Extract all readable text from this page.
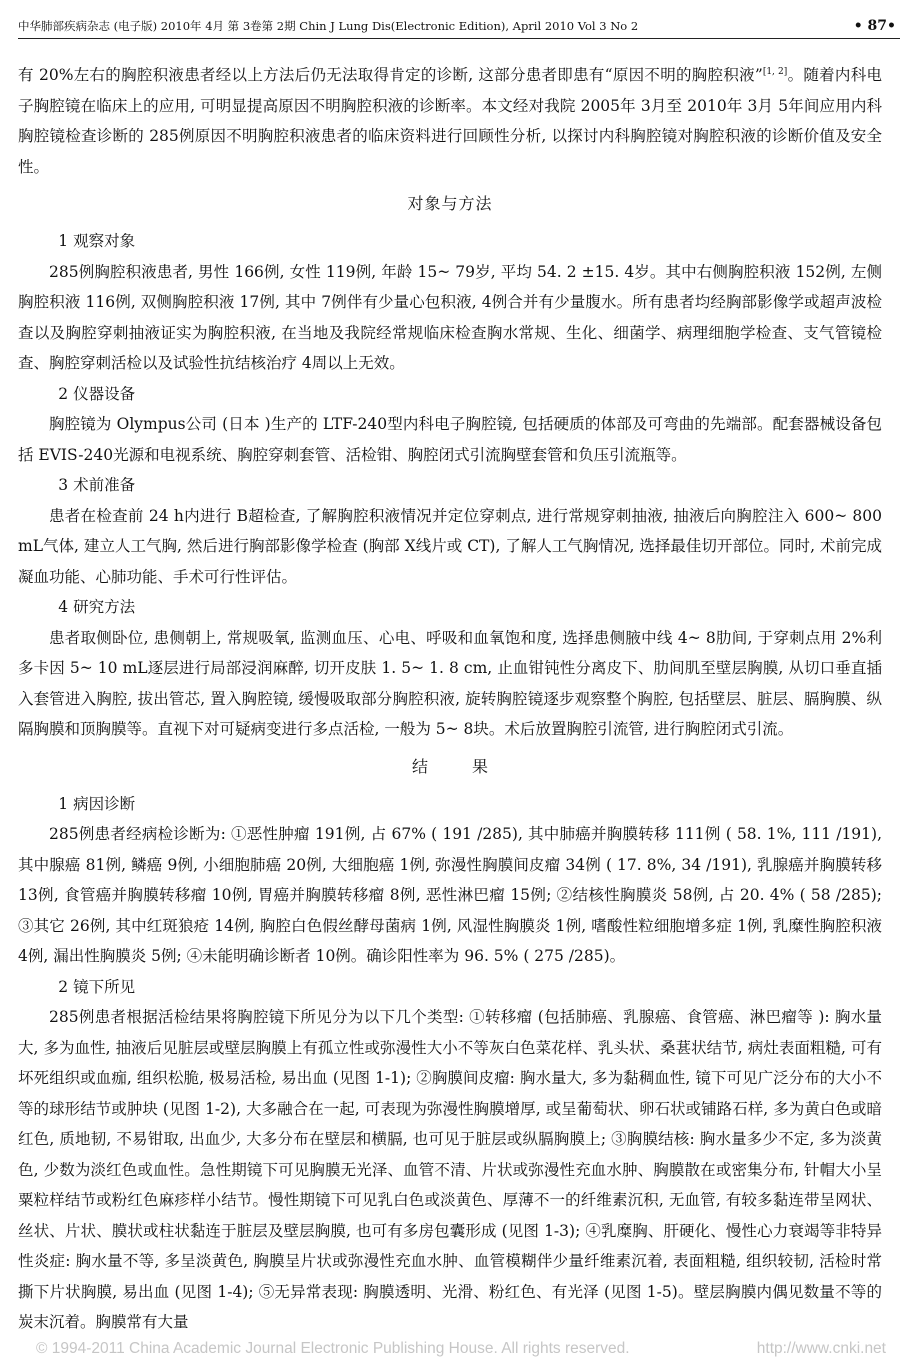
中华肺部疾病杂志 (电子版) 2010年 4月 第 3卷第 2期 Chin J Lung Dis(Electronic Edition), April 2010 Vol 3 No 2	• 87•

有 20%左右的胸腔积液患者经以上方法后仍无法取得肯定的诊断, 这部分患者即患有“原因不明的胸腔积液”[1, 2]。随着内科电子胸腔镜在临床上的应用, 可明显提高原因不明胸腔积液的诊断率。本文经对我院 2005年 3月至 2010年 3月 5年间应用内科胸腔镜检查诊断的 285例原因不明胸腔积液患者的临床资料进行回顾性分析, 以探讨内科胸腔镜对胸腔积液的诊断价值及安全性。

对象与方法

1 观察对象

285例胸腔积液患者, 男性 166例, 女性 119例, 年龄 15~ 79岁, 平均 54. 2 ±15. 4岁。其中右侧胸腔积液 152例, 左侧胸腔积液 116例, 双侧胸腔积液 17例, 其中 7例伴有少量心包积液, 4例合并有少量腹水。所有患者均经胸部影像学或超声波检查以及胸腔穿刺抽液证实为胸腔积液, 在当地及我院经常规临床检查胸水常规、生化、细菌学、病理细胞学检查、支气管镜检查、胸腔穿刺活检以及试验性抗结核治疗 4周以上无效。

2 仪器设备

胸腔镜为 Olympus公司 (日本 )生产的 LTF-240型内科电子胸腔镜, 包括硬质的体部及可弯曲的先端部。配套器械设备包括 EVIS-240光源和电视系统、胸腔穿刺套管、活检钳、胸腔闭式引流胸壁套管和负压引流瓶等。

3 术前准备

患者在检查前 24 h内进行 B超检查, 了解胸腔积液情况并定位穿刺点, 进行常规穿刺抽液, 抽液后向胸腔注入 600~ 800 mL气体, 建立人工气胸, 然后进行胸部影像学检查 (胸部 X线片或 CT), 了解人工气胸情况, 选择最佳切开部位。同时, 术前完成凝血功能、心肺功能、手术可行性评估。

4 研究方法

患者取侧卧位, 患侧朝上, 常规吸氧, 监测血压、心电、呼吸和血氧饱和度, 选择患侧腋中线 4~ 8肋间, 于穿刺点用 2%利多卡因 5~ 10 mL逐层进行局部浸润麻醉, 切开皮肤 1. 5~ 1. 8 cm, 止血钳钝性分离皮下、肋间肌至壁层胸膜, 从切口垂直插入套管进入胸腔, 拔出管芯, 置入胸腔镜, 缓慢吸取部分胸腔积液, 旋转胸腔镜逐步观察整个胸腔, 包括壁层、脏层、膈胸膜、纵隔胸膜和顶胸膜等。直视下对可疑病变进行多点活检, 一般为 5~ 8块。术后放置胸腔引流管, 进行胸腔闭式引流。

结果

1 病因诊断

285例患者经病检诊断为: ①恶性肿瘤 191例, 占 67% ( 191 /285), 其中肺癌并胸膜转移 111例 ( 58. 1%, 111 /191), 其中腺癌 81例, 鳞癌 9例, 小细胞肺癌 20例, 大细胞癌 1例, 弥漫性胸膜间皮瘤 34例 ( 17. 8%, 34 /191), 乳腺癌并胸膜转移 13例, 食管癌并胸膜转移瘤 10例, 胃癌并胸膜转移瘤 8例, 恶性淋巴瘤 15例; ②结核性胸膜炎 58例, 占 20. 4% ( 58 /285); ③其它 26例, 其中红斑狼疮 14例, 胸腔白色假丝酵母菌病 1例, 风湿性胸膜炎 1例, 嗜酸性粒细胞增多症 1例, 乳糜性胸腔积液 4例, 漏出性胸膜炎 5例; ④未能明确诊断者 10例。确诊阳性率为 96. 5% ( 275 /285)。

2 镜下所见

285例患者根据活检结果将胸腔镜下所见分为以下几个类型: ①转移瘤 (包括肺癌、乳腺癌、食管癌、淋巴瘤等 ): 胸水量大, 多为血性, 抽液后见脏层或壁层胸膜上有孤立性或弥漫性大小不等灰白色菜花样、乳头状、桑葚状结节, 病灶表面粗糙, 可有坏死组织或血痂, 组织松脆, 极易活检, 易出血 (见图 1-1); ②胸膜间皮瘤: 胸水量大, 多为黏稠血性, 镜下可见广泛分布的大小不等的球形结节或肿块 (见图 1-2), 大多融合在一起, 可表现为弥漫性胸膜增厚, 或呈葡萄状、卵石状或铺路石样, 多为黄白色或暗红色, 质地韧, 不易钳取, 出血少, 大多分布在壁层和横膈, 也可见于脏层或纵膈胸膜上; ③胸膜结核: 胸水量多少不定, 多为淡黄色, 少数为淡红色或血性。急性期镜下可见胸膜无光泽、血管不清、片状或弥漫性充血水肿、胸膜散在或密集分布, 针帽大小呈粟粒样结节或粉红色麻疹样小结节。慢性期镜下可见乳白色或淡黄色、厚薄不一的纤维素沉积, 无血管, 有较多黏连带呈网状、丝状、片状、膜状或柱状黏连于脏层及壁层胸膜, 也可有多房包囊形成 (见图 1-3); ④乳糜胸、肝硬化、慢性心力衰竭等非特异性炎症: 胸水量不等, 多呈淡黄色, 胸膜呈片状或弥漫性充血水肿、血管模糊伴少量纤维素沉着, 表面粗糙, 组织较韧, 活检时常撕下片状胸膜, 易出血 (见图 1-4); ⑤无异常表现: 胸膜透明、光滑、粉红色、有光泽 (见图 1-5)。壁层胸膜内偶见数量不等的炭末沉着。胸膜常有大量

© 1994-2011 China Academic Journal Electronic Publishing House. All rights reserved.	http://www.cnki.net
